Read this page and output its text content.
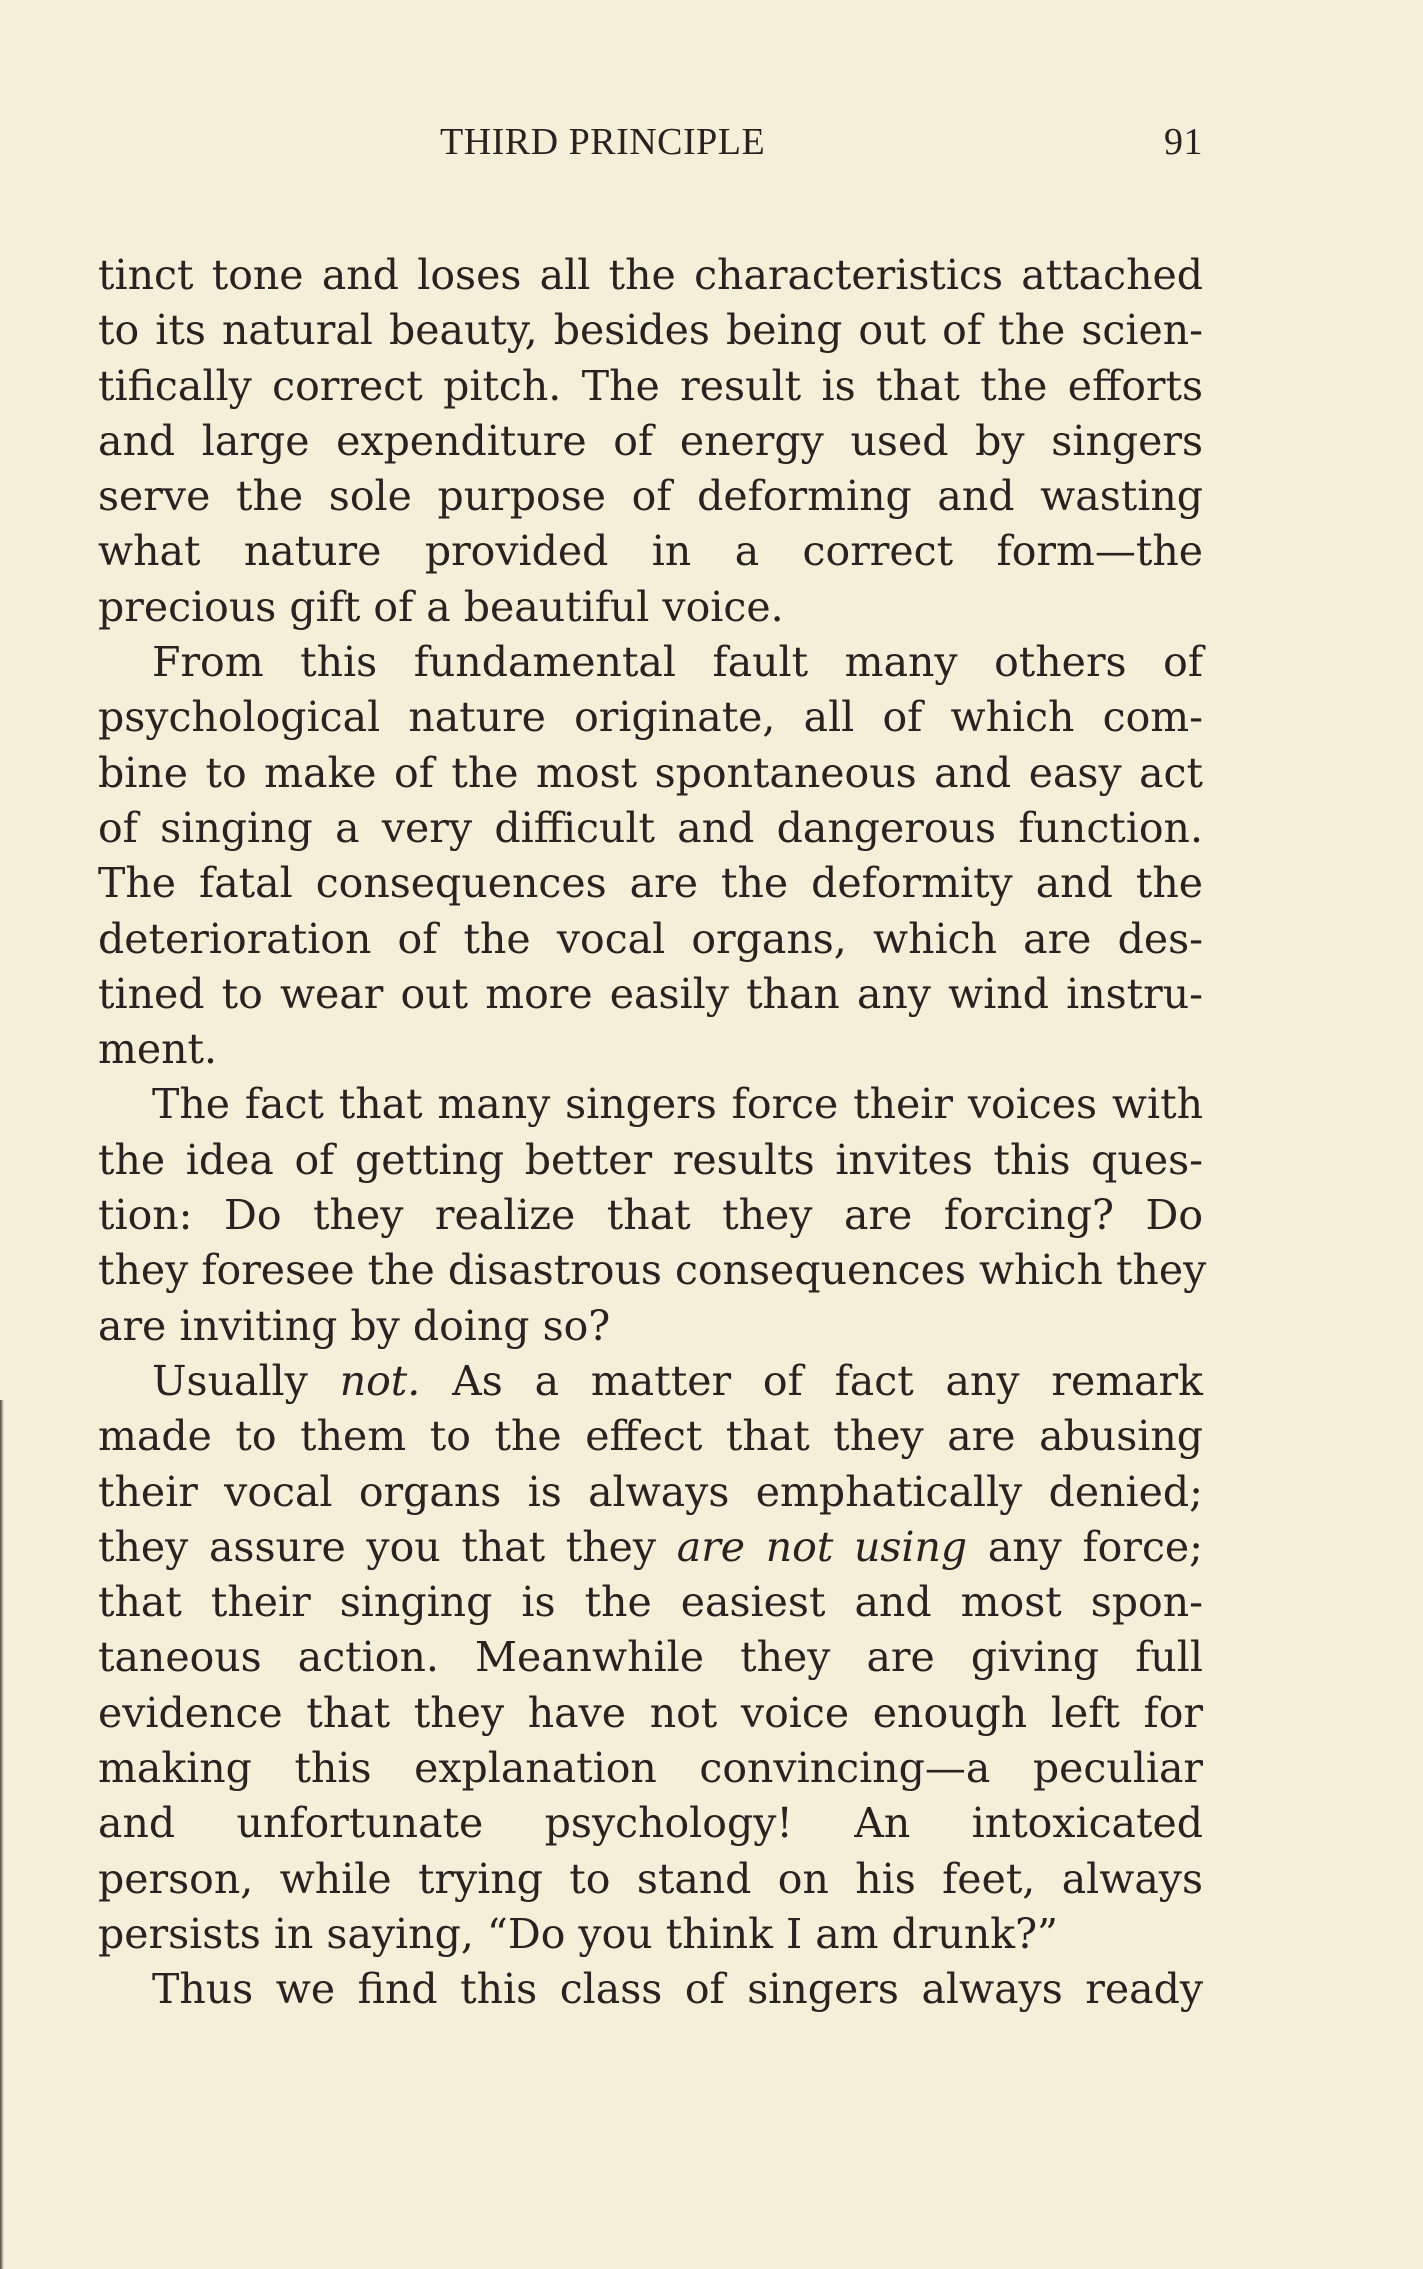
THIRD PRINCIPLE	91

tinct tone and loses all the characteristics attached
to its natural beauty, besides being out of the scien-
tifically correct pitch. The result is that the efforts
and large expenditure of energy used by singers
serve the sole purpose of deforming and wasting
what nature provided in a correct form—the
precious gift of a beautiful voice.

From this fundamental fault many others of
psychological nature originate, all of which com-
bine to make of the most spontaneous and easy act
of singing a very difficult and dangerous function.
The fatal consequences are the deformity and the
deterioration of the vocal organs, which are des-
tined to wear out more easily than any wind instru-
ment.

The fact that many singers force their voices with
the idea of getting better results invites this ques-
tion: Do they realize that they are forcing? Do
they foresee the disastrous consequences which they
are inviting by doing so?

Usually not. As a matter of fact any remark
made to them to the effect that they are abusing
their vocal organs is always emphatically denied;
they assure you that they are not using any force;
that their singing is the easiest and most spon-
taneous action. Meanwhile they are giving full
evidence that they have not voice enough left for
making this explanation convincing—a peculiar
and unfortunate psychology! An intoxicated
person, while trying to stand on his feet, always
persists in saying, “Do you think I am drunk?”

Thus we find this class of singers always ready
